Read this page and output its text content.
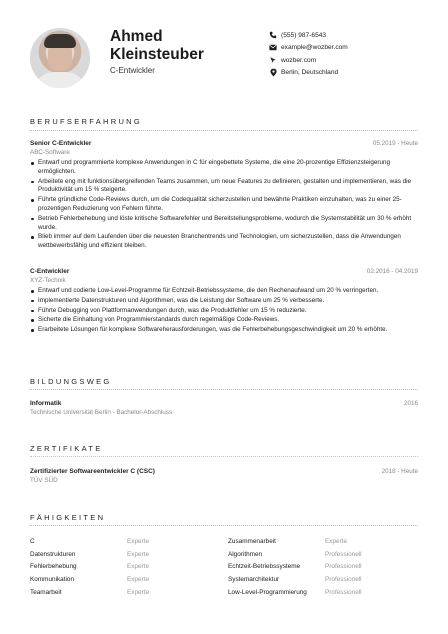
Ahmed Kleinsteuber
C-Entwickler
(555) 987-6543
example@wozber.com
wozber.com
Berlin, Deutschland
BERUFSERFAHRUNG
Senior C-Entwickler	05.2019 - Heute
ABC-Software
Entwarf und programmierte komplexe Anwendungen in C für eingebettete Systeme, die eine 20-prozentige Effizienzsteigerung ermöglichten.
Arbeitete eng mit funktionsübergreifenden Teams zusammen, um neue Features zu definieren, gestalten und implementieren, was die Produktivität um 15 % steigerte.
Führte gründliche Code-Reviews durch, um die Codequalität sicherzustellen und bewährte Praktiken einzuhalten, was zu einer 25-prozentigen Reduzierung von Fehlern führte.
Betrieb Fehlerbehebung und löste kritische Softwarefehler und Bereitstellungsprobleme, wodurch die Systemstabilität um 30 % erhöht wurde.
Blieb immer auf dem Laufenden über die neuesten Branchentrends und Technologien, um sicherzustellen, dass die Anwendungen wettbewerbsfähig und effizient bleiben.
C-Entwickler	02.2016 - 04.2019
XYZ-Technik
Entwarf und codierte Low-Level-Programme für Echtzeit-Betriebssysteme, die den Rechenaufwand um 20 % verringerten.
Implementierte Datenstrukturen und Algorithmen, was die Leistung der Software um 25 % verbesserte.
Führte Debugging von Plattformanwendungen durch, was die Produktfehler um 15 % reduzierte.
Sicherte die Einhaltung von Programmierstandards durch regelmäßige Code-Reviews.
Erarbeitete Lösungen für komplexe Softwareherausforderungen, was die Fehlerbehebungsgeschwindigkeit um 20 % erhöhte.
BILDUNGSWEG
Informatik	2016
Technische Universität Berlin - Bachelor-Abschluss
ZERTIFIKATE
Zertifizierter Softwareentwickler C (CSC)	2018 - Heute
TÜV SÜD
FÄHIGKEITEN
C	Experte	Zusammenarbeit	Experte
Datenstrukturen	Experte	Algorithmen	Professionell
Fehlerbehebung	Experte	Echtzeit-Betriebssysteme	Professionell
Kommunikation	Experte	Systemarchitektur	Professionell
Teamarbeit	Experte	Low-Level-Programmierung	Professionell
